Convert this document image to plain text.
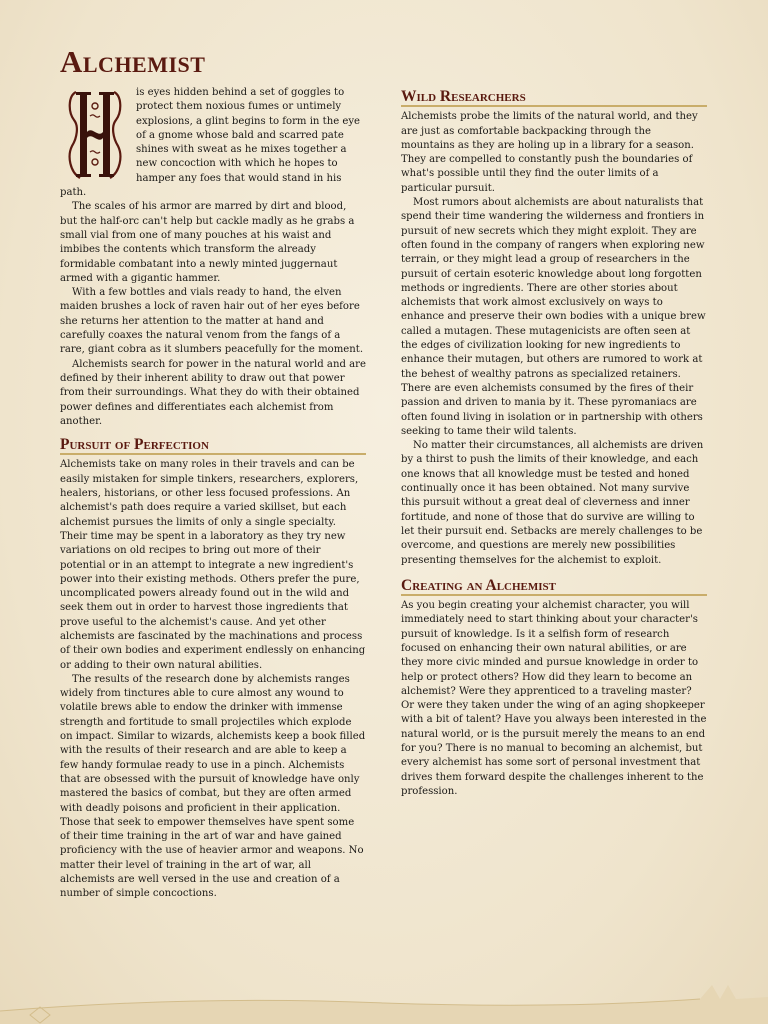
Alchemist

is eyes hidden behind a set of goggles to protect them noxious fumes or untimely explosions, a glint begins to form in the eye of a gnome whose bald and scarred pate shines with sweat as he mixes together a new concoction with which he hopes to hamper any foes that would stand in his path.

The scales of his armor are marred by dirt and blood, but the half-orc can't help but cackle madly as he grabs a small vial from one of many pouches at his waist and imbibes the contents which transform the already formidable combatant into a newly minted juggernaut armed with a gigantic hammer.

With a few bottles and vials ready to hand, the elven maiden brushes a lock of raven hair out of her eyes before she returns her attention to the matter at hand and carefully coaxes the natural venom from the fangs of a rare, giant cobra as it slumbers peacefully for the moment.

Alchemists search for power in the natural world and are defined by their inherent ability to draw out that power from their surroundings. What they do with their obtained power defines and differentiates each alchemist from another.

Pursuit of Perfection

Alchemists take on many roles in their travels and can be easily mistaken for simple tinkers, researchers, explorers, healers, historians, or other less focused professions. An alchemist's path does require a varied skillset, but each alchemist pursues the limits of only a single specialty. Their time may be spent in a laboratory as they try new variations on old recipes to bring out more of their potential or in an attempt to integrate a new ingredient's power into their existing methods. Others prefer the pure, uncomplicated powers already found out in the wild and seek them out in order to harvest those ingredients that prove useful to the alchemist's cause. And yet other alchemists are fascinated by the machinations and process of their own bodies and experiment endlessly on enhancing or adding to their own natural abilities.

The results of the research done by alchemists ranges widely from tinctures able to cure almost any wound to volatile brews able to endow the drinker with immense strength and fortitude to small projectiles which explode on impact. Similar to wizards, alchemists keep a book filled with the results of their research and are able to keep a few handy formulae ready to use in a pinch. Alchemists that are obsessed with the pursuit of knowledge have only mastered the basics of combat, but they are often armed with deadly poisons and proficient in their application. Those that seek to empower themselves have spent some of their time training in the art of war and have gained proficiency with the use of heavier armor and weapons. No matter their level of training in the art of war, all alchemists are well versed in the use and creation of a number of simple concoctions.

Wild Researchers

Alchemists probe the limits of the natural world, and they are just as comfortable backpacking through the mountains as they are holing up in a library for a season. They are compelled to constantly push the boundaries of what's possible until they find the outer limits of a particular pursuit.

Most rumors about alchemists are about naturalists that spend their time wandering the wilderness and frontiers in pursuit of new secrets which they might exploit. They are often found in the company of rangers when exploring new terrain, or they might lead a group of researchers in the pursuit of certain esoteric knowledge about long forgotten methods or ingredients. There are other stories about alchemists that work almost exclusively on ways to enhance and preserve their own bodies with a unique brew called a mutagen. These mutagenicists are often seen at the edges of civilization looking for new ingredients to enhance their mutagen, but others are rumored to work at the behest of wealthy patrons as specialized retainers. There are even alchemists consumed by the fires of their passion and driven to mania by it. These pyromaniacs are often found living in isolation or in partnership with others seeking to tame their wild talents.

No matter their circumstances, all alchemists are driven by a thirst to push the limits of their knowledge, and each one knows that all knowledge must be tested and honed continually once it has been obtained. Not many survive this pursuit without a great deal of cleverness and inner fortitude, and none of those that do survive are willing to let their pursuit end. Setbacks are merely challenges to be overcome, and questions are merely new possibilities presenting themselves for the alchemist to exploit.

Creating an Alchemist

As you begin creating your alchemist character, you will immediately need to start thinking about your character's pursuit of knowledge. Is it a selfish form of research focused on enhancing their own natural abilities, or are they more civic minded and pursue knowledge in order to help or protect others? How did they learn to become an alchemist? Were they apprenticed to a traveling master? Or were they taken under the wing of an aging shopkeeper with a bit of talent? Have you always been interested in the natural world, or is the pursuit merely the means to an end for you? There is no manual to becoming an alchemist, but every alchemist has some sort of personal investment that drives them forward despite the challenges inherent to the profession.
